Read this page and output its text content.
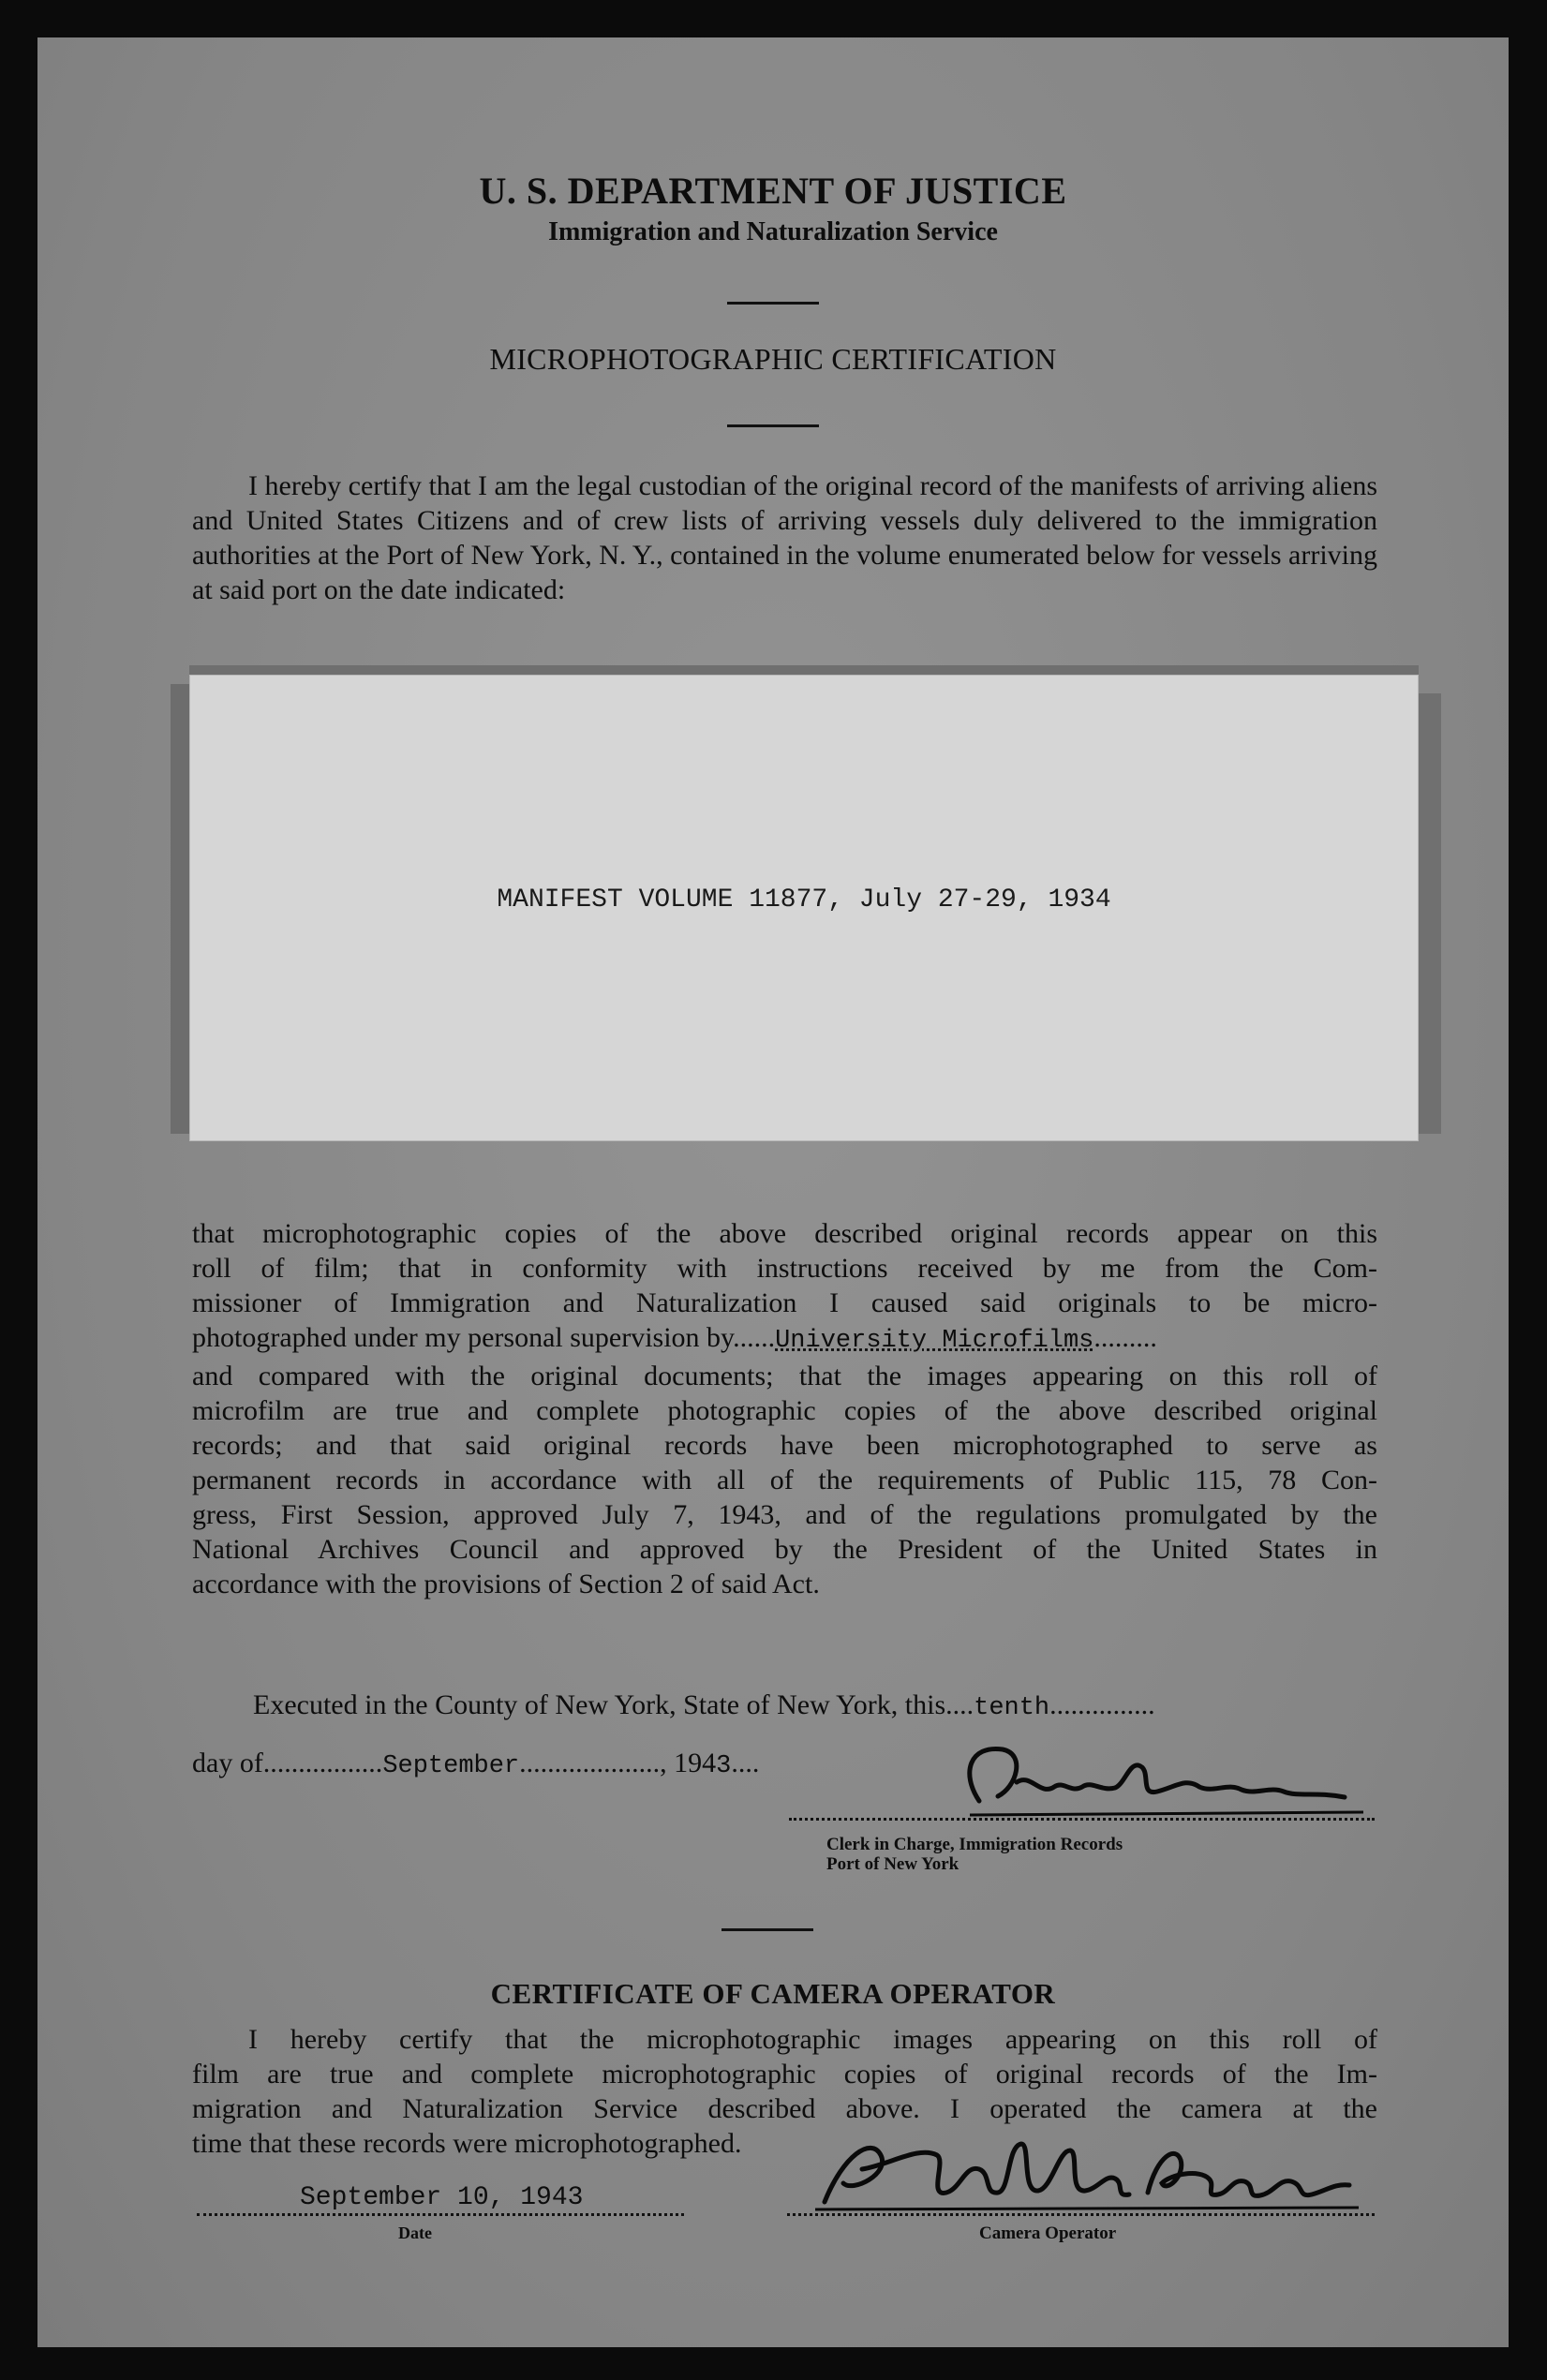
U. S. DEPARTMENT OF JUSTICE
Immigration and Naturalization Service
MICROPHOTOGRAPHIC CERTIFICATION
I hereby certify that I am the legal custodian of the original record of the manifests of arriving aliens and United States Citizens and of crew lists of arriving vessels duly delivered to the immigration authorities at the Port of New York, N. Y., contained in the volume enumerated below for vessels arriving at said port on the date indicated:
MANIFEST VOLUME 11877, July 27-29, 1934
that microphotographic copies of the above described original records appear on this
roll of film; that in conformity with instructions received by me from the Com-
missioner of Immigration and Naturalization I caused said originals to be micro-
photographed under my personal supervision by......University Microfilms.........
and compared with the original documents; that the images appearing on this roll of
microfilm are true and complete photographic copies of the above described original
records; and that said original records have been microphotographed to serve as
permanent records in accordance with all of the requirements of Public 115, 78 Con-
gress, First Session, approved July 7, 1943, and of the regulations promulgated by the
National Archives Council and approved by the President of the United States in
accordance with the provisions of Section 2 of said Act.
Executed in the County of New York, State of New York, this....tenth...............
day of.................September...................., 1943....
Clerk in Charge, Immigration Records
Port of New York
CERTIFICATE OF CAMERA OPERATOR
I hereby certify that the microphotographic images appearing on this roll of
film are true and complete microphotographic copies of original records of the Im-
migration and Naturalization Service described above. I operated the camera at the
time that these records were microphotographed.
September 10, 1943
Date	Camera Operator
